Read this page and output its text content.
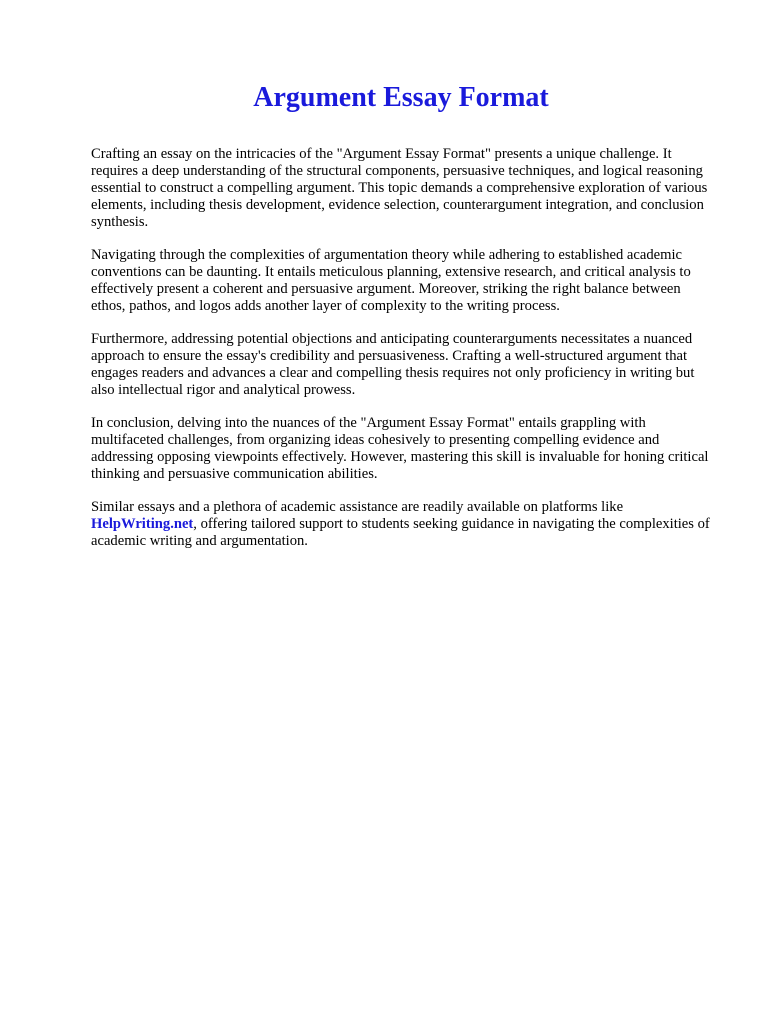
Argument Essay Format

Crafting an essay on the intricacies of the "Argument Essay Format" presents a unique challenge. It requires a deep understanding of the structural components, persuasive techniques, and logical reasoning essential to construct a compelling argument. This topic demands a comprehensive exploration of various elements, including thesis development, evidence selection, counterargument integration, and conclusion synthesis.

Navigating through the complexities of argumentation theory while adhering to established academic conventions can be daunting. It entails meticulous planning, extensive research, and critical analysis to effectively present a coherent and persuasive argument. Moreover, striking the right balance between ethos, pathos, and logos adds another layer of complexity to the writing process.

Furthermore, addressing potential objections and anticipating counterarguments necessitates a nuanced approach to ensure the essay's credibility and persuasiveness. Crafting a well-structured argument that engages readers and advances a clear and compelling thesis requires not only proficiency in writing but also intellectual rigor and analytical prowess.

In conclusion, delving into the nuances of the "Argument Essay Format" entails grappling with multifaceted challenges, from organizing ideas cohesively to presenting compelling evidence and addressing opposing viewpoints effectively. However, mastering this skill is invaluable for honing critical thinking and persuasive communication abilities.

Similar essays and a plethora of academic assistance are readily available on platforms like HelpWriting.net, offering tailored support to students seeking guidance in navigating the complexities of academic writing and argumentation.
